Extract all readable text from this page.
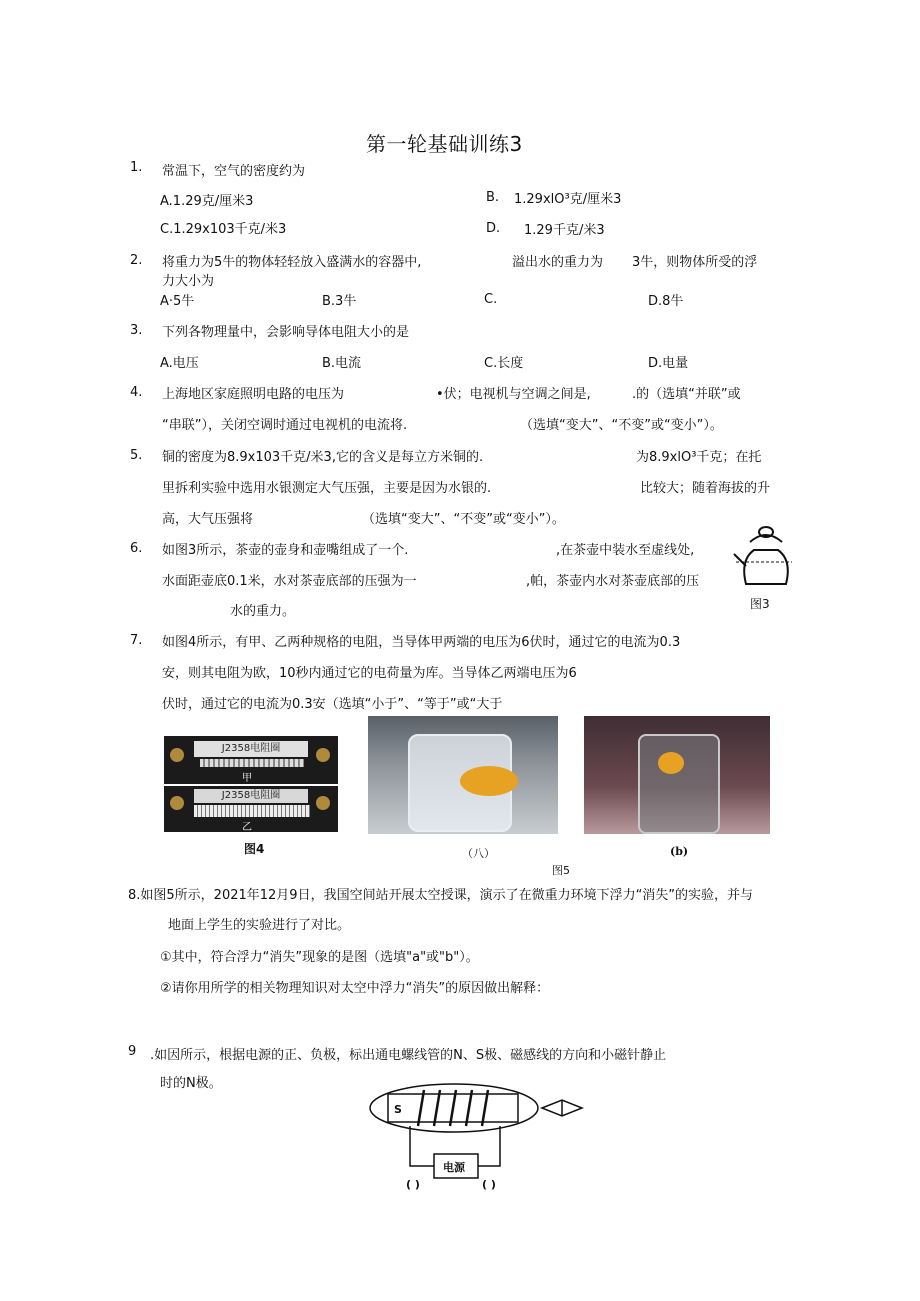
第一轮基础训练3
1. 常温下，空气的密度约为
A.1.29克/厘米3	B. 1.29xlO³克/厘米3
C.1.29x103千克/米3	D. 1.29千克/米3
2. 将重力为5牛的物体轻轻放入盛满水的容器中,	溢出水的重力为 3牛，则物体所受的浮
力大小为
A·5牛	B.3牛	C.	D.8牛
3. 下列各物理量中，会影响导体电阻大小的是
A.电压	B.电流	C.长度	D.电量
4. 上海地区家庭照明电路的电压为	•伏；电视机与空调之间是,	.的（选填“并联”或
“串联”），关闭空调时通过电视机的电流将.	（选填“变大”、“不变”或“变小”）。
5. 铜的密度为8.9x103千克/米3,它的含义是每立方米铜的.	为8.9xlO³千克；在托
里拆利实验中选用水银测定大气压强，主要是因为水银的.	比较大；随着海拔的升
高，大气压强将	（选填“变大”、“不变”或“变小”）。
6. 如图3所示，茶壶的壶身和壶嘴组成了一个.	,在茶壶中装水至虚线处,
水面距壶底0.1米，水对茶壶底部的压强为一	,帕，茶壶内水对茶壶底部的压
水的重力。	图3
7. 如图4所示，有甲、乙两种规格的电阻，当导体甲两端的电压为6伏时，通过它的电流为0.3
安，则其电阻为欧，10秒内通过它的电荷量为库。当导体乙两端电压为6
伏时，通过它的电流为0.3安（选填“小于”、“等于”或“大于
J2358电阻圈
甲
J2358电阻圈
乙
图4	（八）	(b)
图5
8.如图5所示，2021年12月9日，我国空间站开展太空授课，演示了在微重力环境下浮力“消失”的实验，并与
地面上学生的实验进行了对比。
①其中，符合浮力“消失”现象的是图（选填"a"或"b"）。
②请你用所学的相关物理知识对太空中浮力“消失”的原因做出解释：
9 .如因所示，根据电源的正、负极，标出通电螺线管的N、S极、磁感线的方向和小磁针静止
时的N极。
S
电源
( )	( )
